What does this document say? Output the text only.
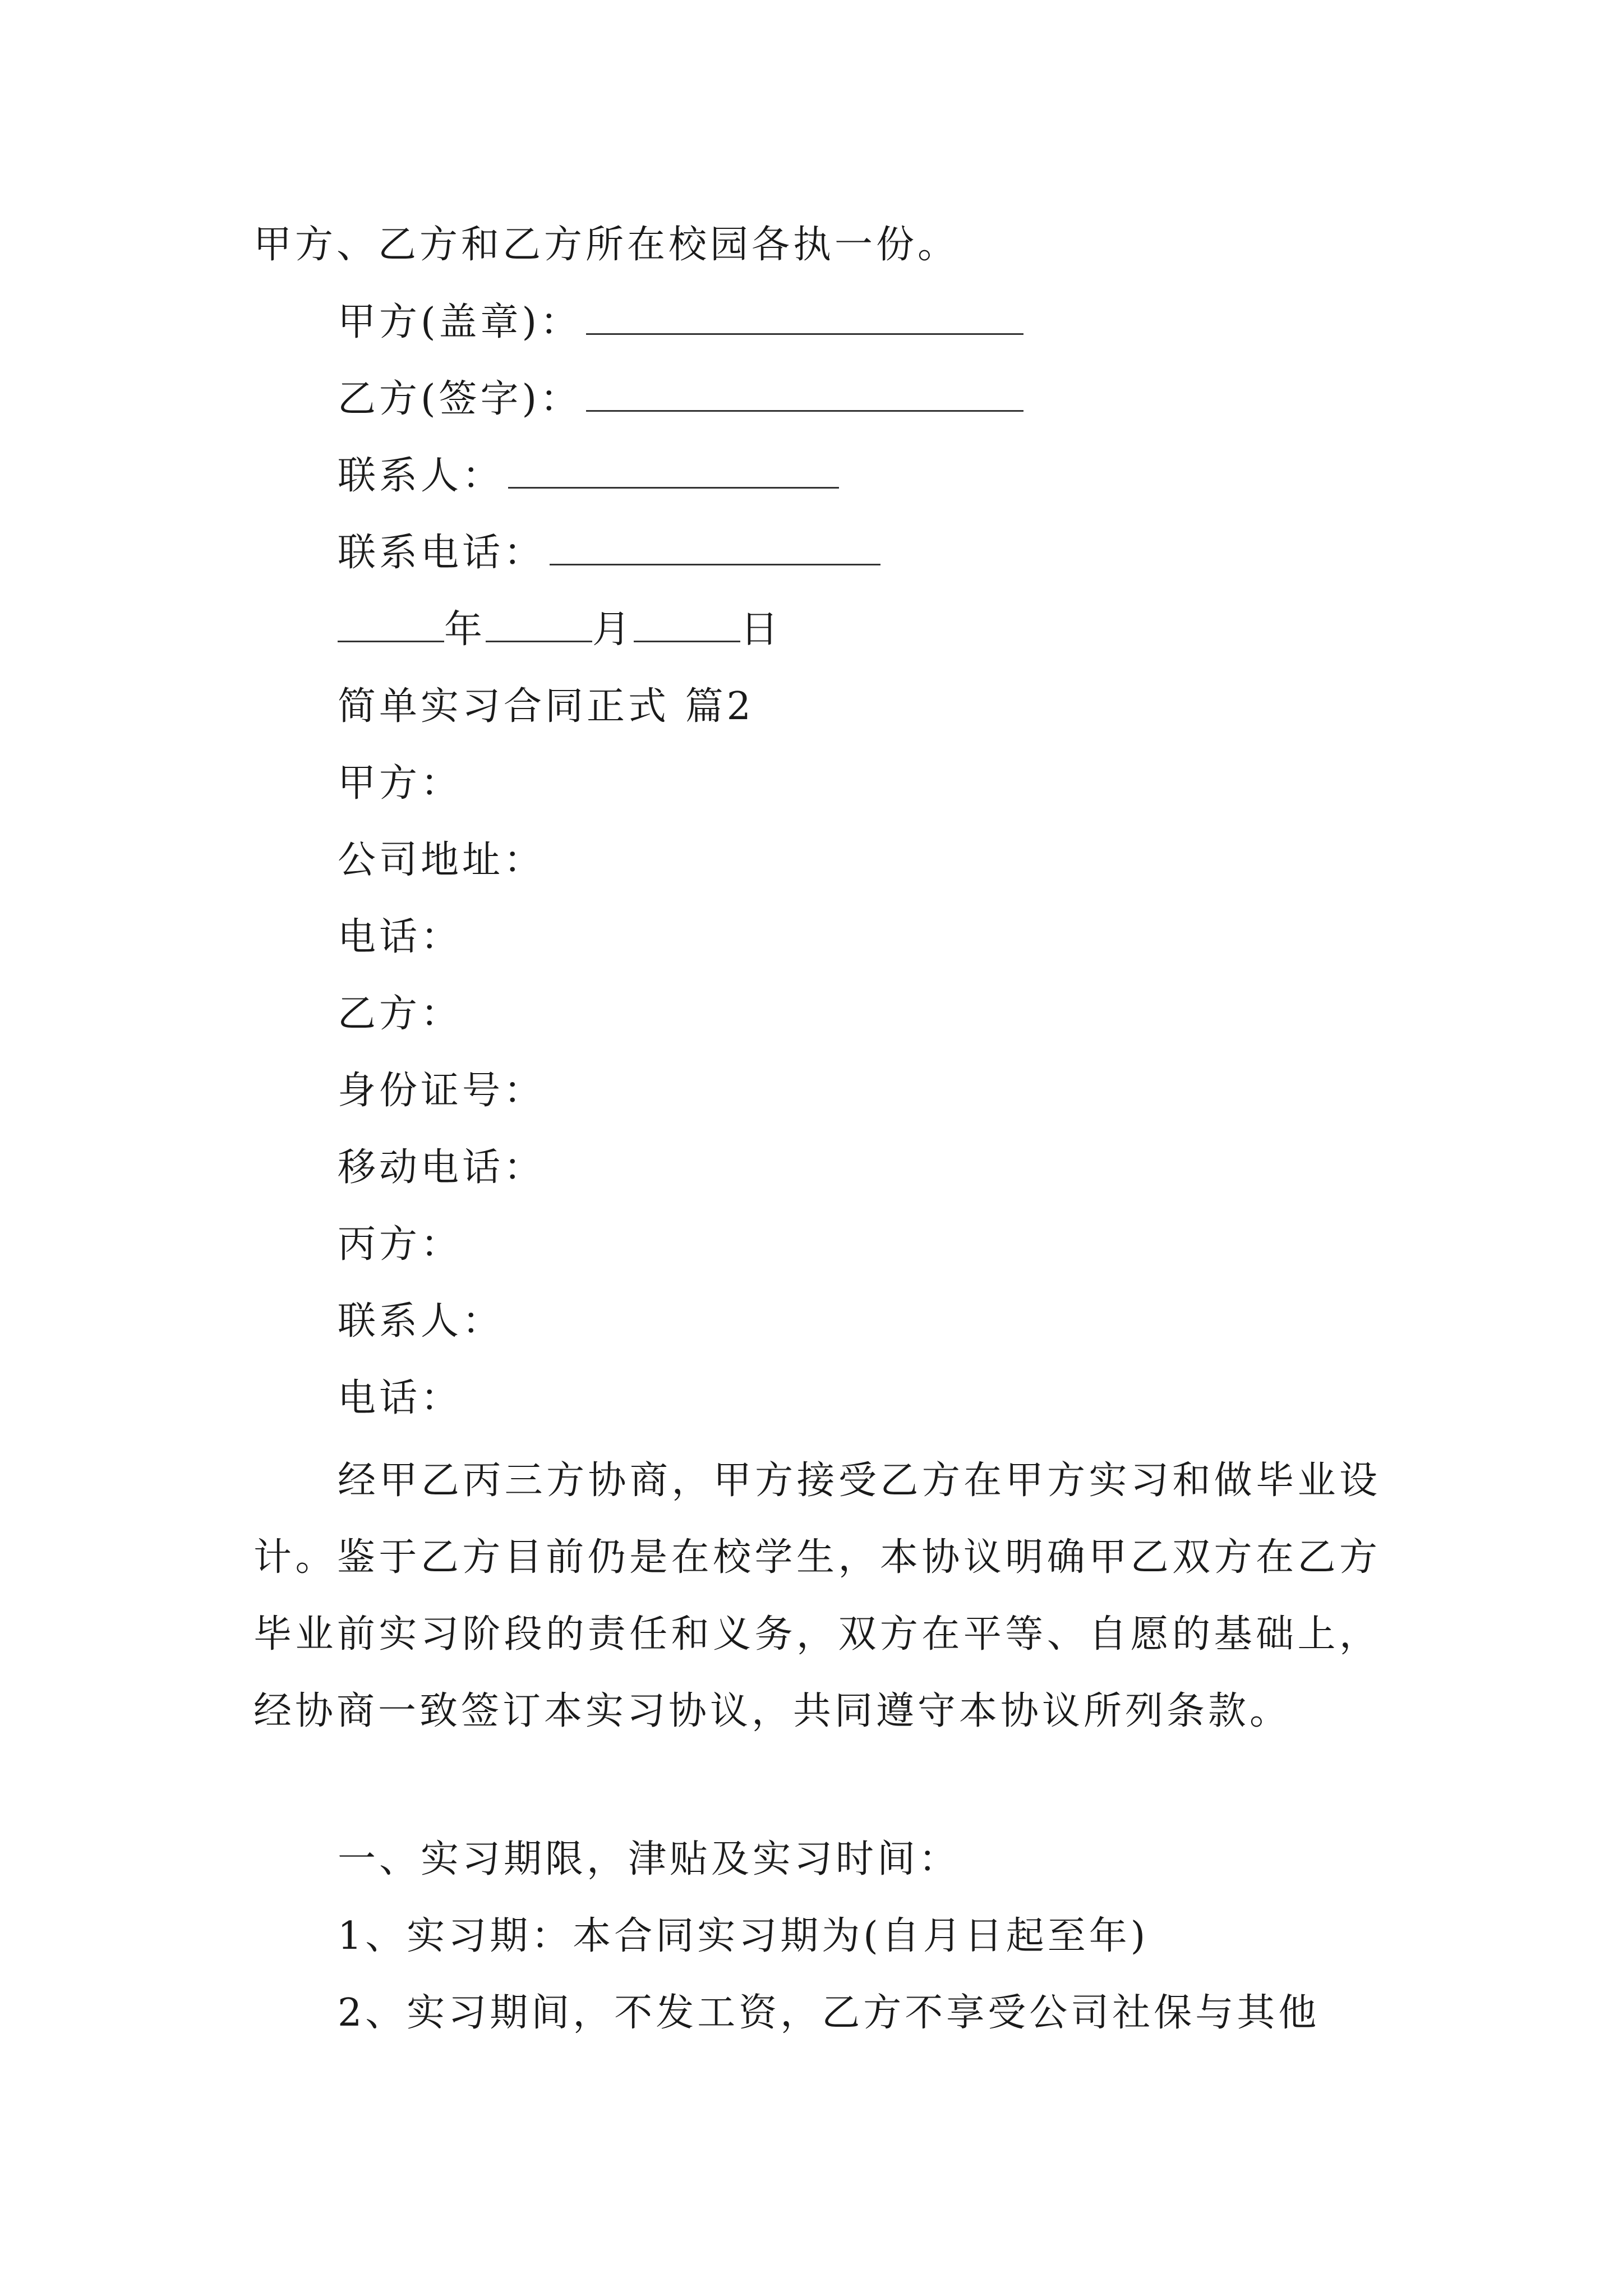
甲方、乙方和乙方所在校园各执一份。
甲方(盖章)：
乙方(签字)：
联系人：
联系电话：
年	月	日
简单实习合同正式 篇2
甲方：
公司地址：
电话：
乙方：
身份证号：
移动电话：
丙方：
联系人：
电话：
经甲乙丙三方协商，甲方接受乙方在甲方实习和做毕业设计。鉴于乙方目前仍是在校学生，本协议明确甲乙双方在乙方毕业前实习阶段的责任和义务，双方在平等、自愿的基础上，经协商一致签订本实习协议，共同遵守本协议所列条款。
一、实习期限，津贴及实习时间：
1、实习期：本合同实习期为(自月日起至年)
2、实习期间，不发工资，乙方不享受公司社保与其他
